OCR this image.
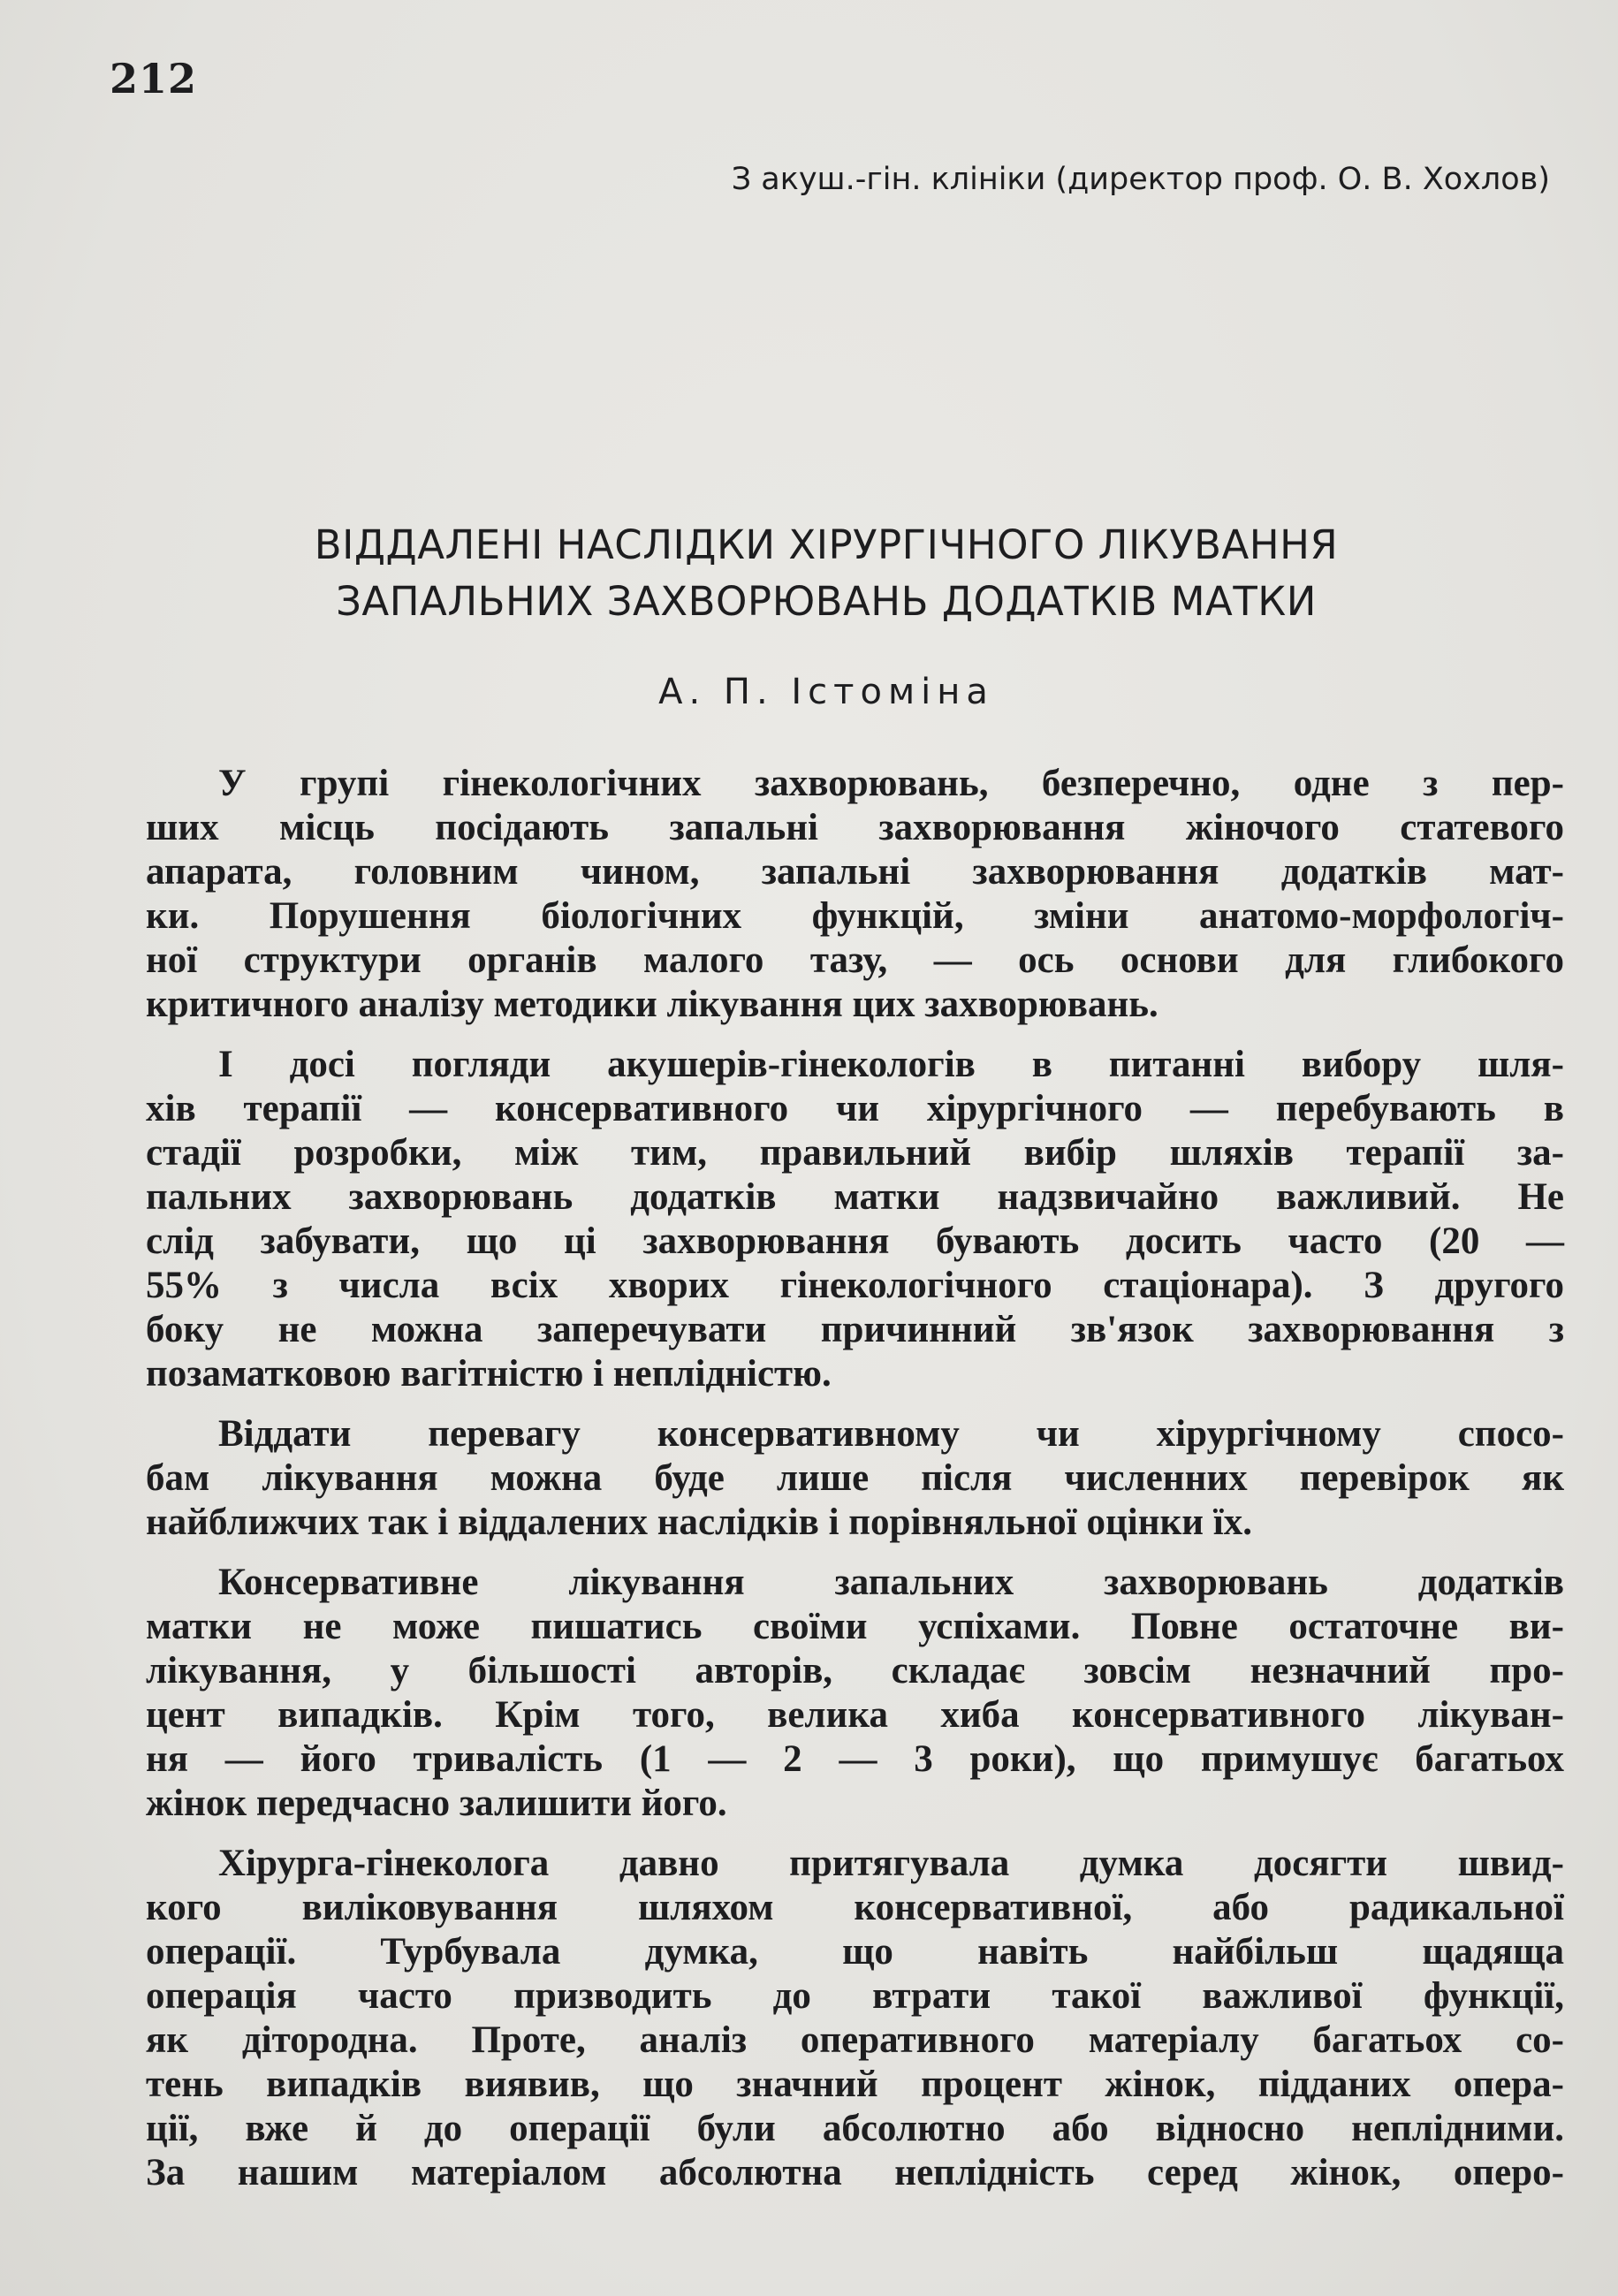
212
З акуш.-гін. клініки (директор проф. О. В. Хохлов)
ВІДДАЛЕНІ НАСЛІДКИ ХІРУРГІЧНОГО ЛІКУВАННЯ
ЗАПАЛЬНИХ ЗАХВОРЮВАНЬ ДОДАТКІВ МАТКИ
А. П. Істоміна

У групі гінекологічних захворювань, безперечно, одне з пер-
ших місць посідають запальні захворювання жіночого статевого
апарата, головним чином, запальні захворювання додатків мат-
ки. Порушення біологічних функцій, зміни анатомо-морфологіч-
ної структури органів малого тазу, — ось основи для глибокого
критичного аналізу методики лікування цих захворювань.

І досі погляди акушерів-гінекологів в питанні вибору шля-
хів терапії — консервативного чи хірургічного — перебувають в
стадії розробки, між тим, правильний вибір шляхів терапії за-
пальних захворювань додатків матки надзвичайно важливий. Не
слід забувати, що ці захворювання бувають досить часто (20 —
55% з числа всіх хворих гінекологічного стаціонара). З другого
боку не можна заперечувати причинний зв'язок захворювання з
позаматковою вагітністю і неплідністю.

Віддати перевагу консервативному чи хірургічному спосо-
бам лікування можна буде лише після численних перевірок як
найближчих так і віддалених наслідків і порівняльної оцінки їх.

Консервативне лікування запальних захворювань додатків
матки не може пишатись своїми успіхами. Повне остаточне ви-
лікування, у більшості авторів, складає зовсім незначний про-
цент випадків. Крім того, велика хиба консервативного лікуван-
ня — його тривалість (1 — 2 — 3 роки), що примушує багатьох
жінок передчасно залишити його.

Хірурга-гінеколога давно притягувала думка досягти швид-
кого виліковування шляхом консервативної, або радикальної
операції. Турбувала думка, що навіть найбільш щадяща
операція часто призводить до втрати такої важливої функції,
як дітородна. Проте, аналіз оперативного матеріалу багатьох со-
тень випадків виявив, що значний процент жінок, підданих опера-
ції, вже й до операції були абсолютно або відносно неплідними.
За нашим матеріалом абсолютна неплідність серед жінок, оперо-
